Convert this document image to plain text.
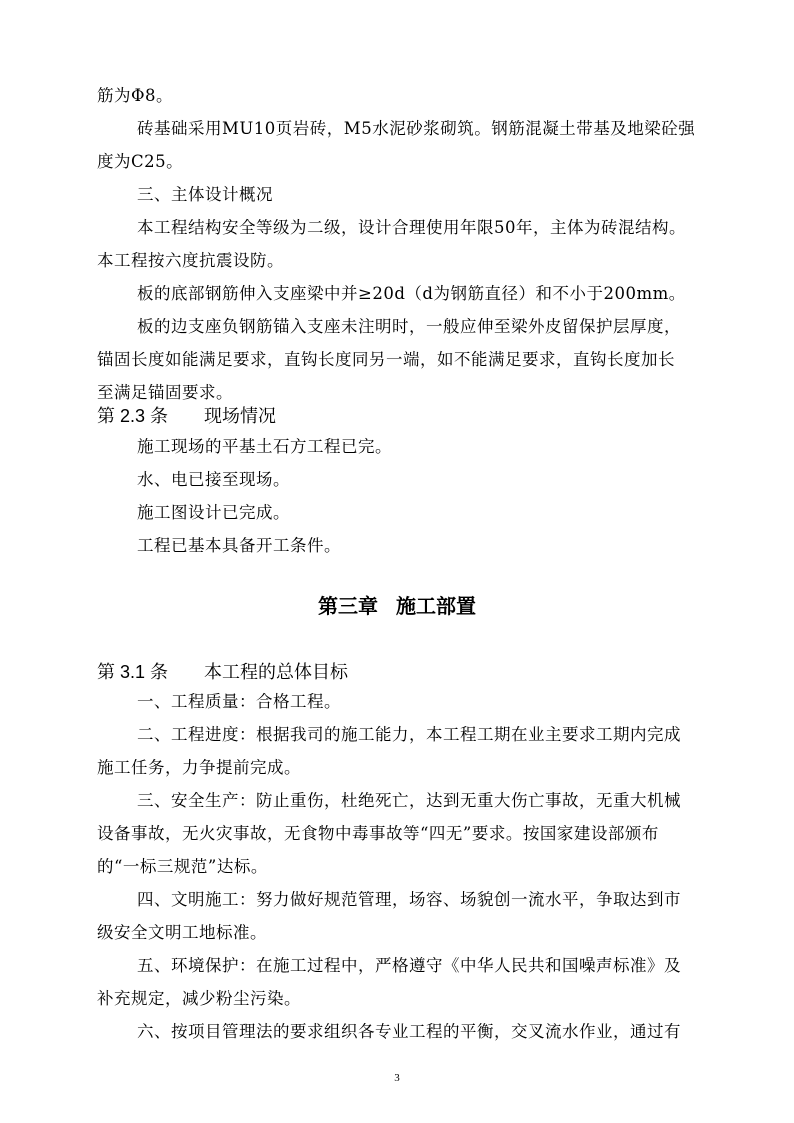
筋为Φ8。
砖基础采用MU10页岩砖，M5水泥砂浆砌筑。钢筋混凝土带基及地梁砼强
度为C25。
三、主体设计概况
本工程结构安全等级为二级，设计合理使用年限50年，主体为砖混结构。
本工程按六度抗震设防。
板的底部钢筋伸入支座梁中并≥20d（d为钢筋直径）和不小于200mm。
板的边支座负钢筋锚入支座未注明时，一般应伸至梁外皮留保护层厚度，
锚固长度如能满足要求，直钩长度同另一端，如不能满足要求，直钩长度加长
至满足锚固要求。
第 2.3 条 现场情况
施工现场的平基土石方工程已完。
水、电已接至现场。
施工图设计已完成。
工程已基本具备开工条件。
第三章 施工部置
第 3.1 条 本工程的总体目标
一、工程质量：合格工程。
二、工程进度：根据我司的施工能力，本工程工期在业主要求工期内完成
施工任务，力争提前完成。
三、安全生产：防止重伤，杜绝死亡，达到无重大伤亡事故，无重大机械
设备事故，无火灾事故，无食物中毒事故等“四无”要求。按国家建设部颁布
的“一标三规范”达标。
四、文明施工：努力做好规范管理，场容、场貌创一流水平，争取达到市
级安全文明工地标准。
五、环境保护：在施工过程中，严格遵守《中华人民共和国噪声标准》及
补充规定，减少粉尘污染。
六、按项目管理法的要求组织各专业工程的平衡，交叉流水作业，通过有
3
